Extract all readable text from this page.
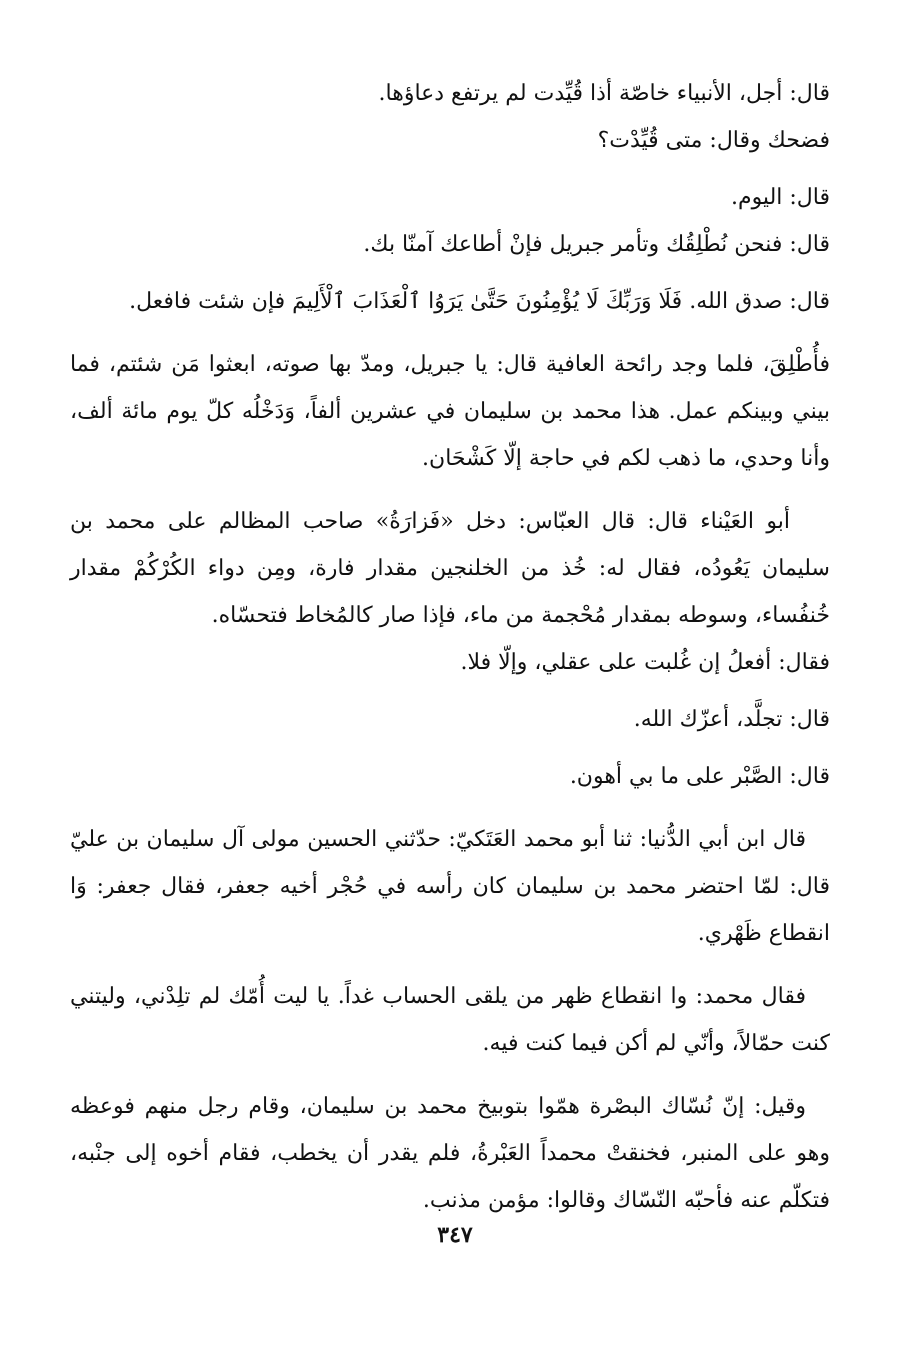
قال: أجل، الأنبياء خاصّة أذا قُيِّدت لم يرتفع دعاؤها.

فضحك وقال: متى قُيِّدْت؟

قال: اليوم.

قال: فنحن نُطْلِقُك وتأمر جبريل فإنْ أطاعك آمنّا بك.

قال: صدق الله. فَلَا وَرَبِّكَ لَا يُؤْمِنُونَ حَتَّىٰ يَرَوُا ٱلْعَذَابَ ٱلْأَلِيمَ فإن شئت فافعل.

فأُطْلِقَ، فلما وجد رائحة العافية قال: يا جبريل، ومدّ بها صوته، ابعثوا مَن شئتم، فما بيني وبينكم عمل. هذا محمد بن سليمان في عشرين ألفاً، وَدَخْلُه كلّ يوم مائة ألف، وأنا وحدي، ما ذهب لكم في حاجة إلّا كَشْحَان.

أبو العَيْناء قال: قال العبّاس: دخل «فَزارَةُ» صاحب المظالم على محمد بن سليمان يَعُودُه، فقال له: خُذ من الخلنجين مقدار فارة، ومِن دواء الكُرْكُمْ مقدار خُنفُساء، وسوطه بمقدار مُحْجمة من ماء، فإذا صار كالمُخاط فتحسّاه.

فقال: أفعلُ إن غُلبت على عقلي، وإلّا فلا.

قال: تجلَّد، أعزّك الله.

قال: الصَّبْر على ما بي أهون.

قال ابن أبي الدُّنيا: ثنا أبو محمد العَتَكيّ: حدّثني الحسين مولى آل سليمان بن عليّ قال: لمّا احتضر محمد بن سليمان كان رأسه في حُجْر أخيه جعفر، فقال جعفر: وَا انقطاع ظَهْري.

فقال محمد: وا انقطاع ظهر من يلقى الحساب غداً. يا ليت أُمّك لم تلِدْني، وليتني كنت حمّالاً، وأنّي لم أكن فيما كنت فيه.

وقيل: إنّ نُسّاك البصْرة همّوا بتوبيخ محمد بن سليمان، وقام رجل منهم فوعظه وهو على المنبر، فخنقتْ محمداً العَبْرةُ، فلم يقدر أن يخطب، فقام أخوه إلى جنْبه، فتكلّم عنه فأحبّه النّسّاك وقالوا: مؤمن مذنب.

٣٤٧
